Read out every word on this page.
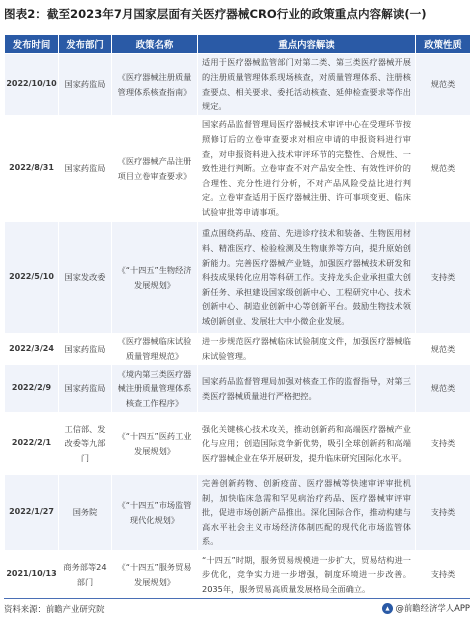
图表2：截至2023年7月国家层面有关医疗器械CRO行业的政策重点内容解读(一)
发布时间	发布部门	政策名称	重点内容解读	政策性质
2022/10/10	国家药监局	《医疗器械注册质量管理体系核查指南》	适用于医疗器械监管部门对第二类、第三类医疗器械开展的注册质量管理体系现场核查，对质量管理体系、注册核查要点、相关要求、委托活动核查、延伸检查要求等作出规定。	规范类
2022/8/31	国家药监局	《医疗器械产品注册项目立卷审查要求》	国家药品监督管理局医疗器械技术审评中心在受理环节按照修订后的立卷审查要求对相应申请的申报资料进行审查，对申报资料进入技术审评环节的完整性、合规性、一致性进行判断。立卷审查不对产品安全性、有效性评价的合理性、充分性进行分析，不对产品风险受益比进行判定。立卷审查适用于医疗器械注册、许可事项变更、临床试验审批等申请事项。	规范类
2022/5/10	国家发改委	《“十四五”生物经济发展规划》	重点围绕药品、疫苗、先进诊疗技术和装备、生物医用材料、精准医疗、检验检测及生物康养等方向，提升原始创新能力。完善医疗器械产业链，加强医疗器械技术研发和科技成果转化应用等科研工作。支持龙头企业承担重大创新任务、承担建设国家级创新中心、工程研究中心、技术创新中心、制造业创新中心等创新平台。鼓励生物技术领域创新创业、发展壮大中小微企业发展。	支持类
2022/3/24	国家药监局	《医疗器械临床试验质量管理规范》	进一步规范医疗器械临床试验制度文件，加强医疗器械临床试验管理。	规范类
2022/2/9	国家药监局	《境内第三类医疗器械注册质量管理体系核查工作程序》	国家药品监督管理局加强对核查工作的监督指导，对第三类医疗器械质量进行严格把控。	规范类
2022/2/1	工信部、发改委等九部门	《“十四五”医药工业发展规划》	强化关键核心技术攻关，推动创新药和高端医疗器械产业化与应用；创造国际竞争新优势，吸引全球创新药和高端医疗器械企业在华开展研发，提升临床研究国际化水平。	支持类
2022/1/27	国务院	《“十四五”市场监管现代化规划》	完善创新药物、创新疫苗、医疗器械等快速审评审批机制，加快临床急需和罕见病治疗药品、医疗器械审评审批，促进市场创新产品推出。深化国际合作，推动构建与高水平社会主义市场经济体制匹配的现代化市场监管体系。	支持类
2021/10/13	商务部等24部门	《“十四五”服务贸易发展规划》	“十四五”时期，服务贸易规模进一步扩大，贸易结构进一步优化，竞争实力进一步增强，制度环境进一步改善。2035年，服务贸易高质量发展格局全面确立。	支持类
资料来源：前瞻产业研究院	@前瞻经济学人APP
